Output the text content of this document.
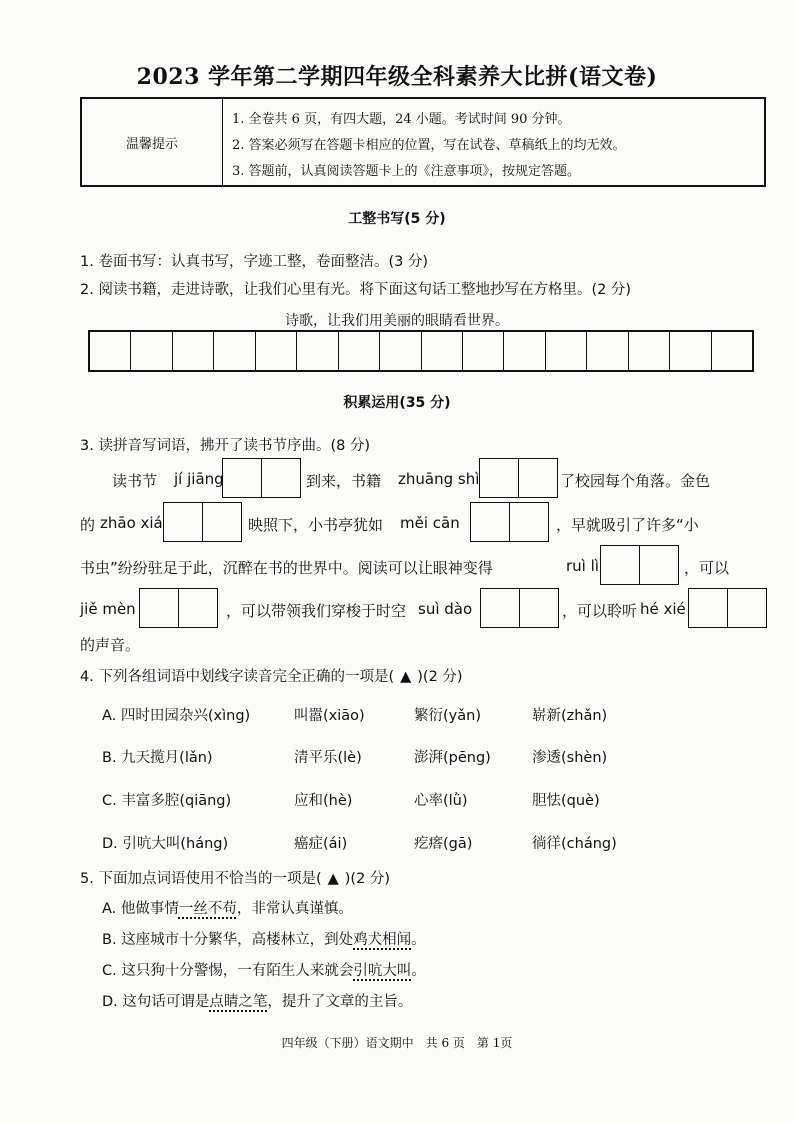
2023 学年第二学期四年级全科素养大比拼(语文卷)
温馨提示
1. 全卷共 6 页，有四大题，24 小题。考试时间 90 分钟。
2. 答案必须写在答题卡相应的位置，写在试卷、草稿纸上的均无效。
3. 答题前，认真阅读答题卡上的《注意事项》，按规定答题。
工整书写(5 分)
1. 卷面书写：认真书写，字迹工整，卷面整洁。(3 分)
2. 阅读书籍，走进诗歌，让我们心里有光。将下面这句话工整地抄写在方格里。(2 分)
诗歌，让我们用美丽的眼睛看世界。
积累运用(35 分)
3. 读拼音写词语，拂开了读书节序曲。(8 分)
读书节 jí jiāng	到来，书籍 zhuāng shì	了校园每个角落。金色
的 zhāo xiá	映照下，小书亭犹如 měi cān	，早就吸引了许多“小
书虫”纷纷驻足于此，沉醉在书的世界中。阅读可以让眼神变得	ruì lì	，可以
jiě mèn	，可以带领我们穿梭于时空 suì dào	，可以聆听 hé xié
的声音。
4. 下列各组词语中划线字读音完全正确的一项是( ▲ )(2 分)
A. 四时田园杂兴(xìng)	叫嚣(xiāo)	繁衍(yǎn)	崭新(zhǎn)
B. 九天揽月(lǎn)	清平乐(lè)	澎湃(pēng)	渗透(shèn)
C. 丰富多腔(qiāng)	应和(hè)	心率(lǜ)	胆怯(què)
D. 引吭大叫(háng)	癌症(ái)	疙瘩(gā)	徜徉(cháng)
5. 下面加点词语使用不恰当的一项是( ▲ )(2 分)
A. 他做事情一丝不苟，非常认真谨慎。
B. 这座城市十分繁华，高楼林立，到处鸡犬相闻。
C. 这只狗十分警惕，一有陌生人来就会引吭大叫。
D. 这句话可谓是点睛之笔，提升了文章的主旨。
四年级（下册）语文期中　共 6 页　第 1页
